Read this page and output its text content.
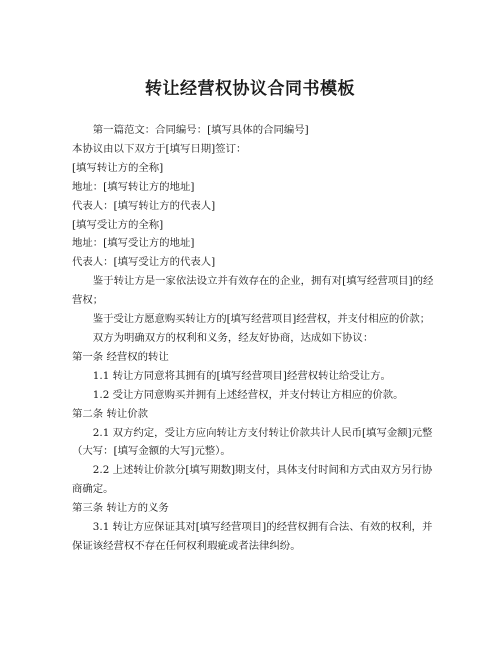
转让经营权协议合同书模板

第一篇范文：合同编号：[填写具体的合同编号]

本协议由以下双方于[填写日期]签订：

[填写转让方的全称]

地址：[填写转让方的地址]

代表人：[填写转让方的代表人]

[填写受让方的全称]

地址：[填写受让方的地址]

代表人：[填写受让方的代表人]

鉴于转让方是一家依法设立并有效存在的企业，拥有对[填写经营项目]的经营权；

鉴于受让方愿意购买转让方的[填写经营项目]经营权，并支付相应的价款；

双方为明确双方的权利和义务，经友好协商，达成如下协议：

第一条 经营权的转让

1.1 转让方同意将其拥有的[填写经营项目]经营权转让给受让方。

1.2 受让方同意购买并拥有上述经营权，并支付转让方相应的价款。

第二条 转让价款

2.1 双方约定，受让方应向转让方支付转让价款共计人民币[填写金额]元整（大写：[填写金额的大写]元整）。

2.2 上述转让价款分[填写期数]期支付，具体支付时间和方式由双方另行协商确定。

第三条 转让方的义务

3.1 转让方应保证其对[填写经营项目]的经营权拥有合法、有效的权利，并保证该经营权不存在任何权利瑕疵或者法律纠纷。
